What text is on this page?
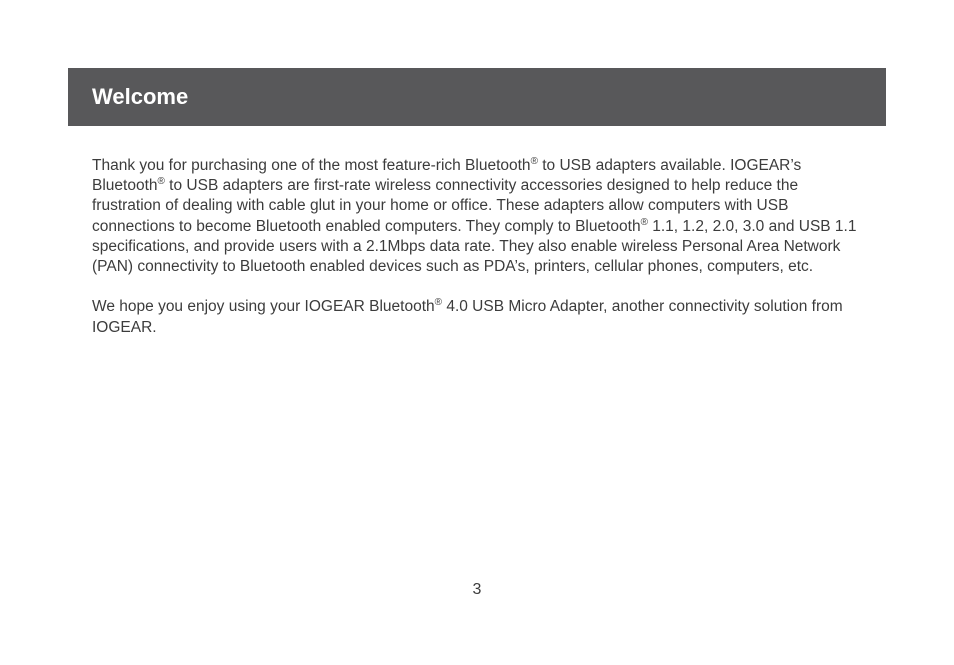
Welcome

Thank you for purchasing one of the most feature-rich Bluetooth® to USB adapters available. IOGEAR’s Bluetooth® to USB adapters are first-rate wireless connectivity accessories designed to help reduce the frustration of dealing with cable glut in your home or office. These adapters allow computers with USB connections to become Bluetooth enabled computers. They comply to Bluetooth® 1.1, 1.2, 2.0, 3.0 and USB 1.1

specifications, and provide users with a 2.1Mbps data rate. They also enable wireless Personal Area Network (PAN) connectivity to Bluetooth enabled devices such as PDA’s, printers, cellular phones, computers, etc.

We hope you enjoy using your IOGEAR Bluetooth® 4.0 USB Micro Adapter, another connectivity solution from IOGEAR.

3
